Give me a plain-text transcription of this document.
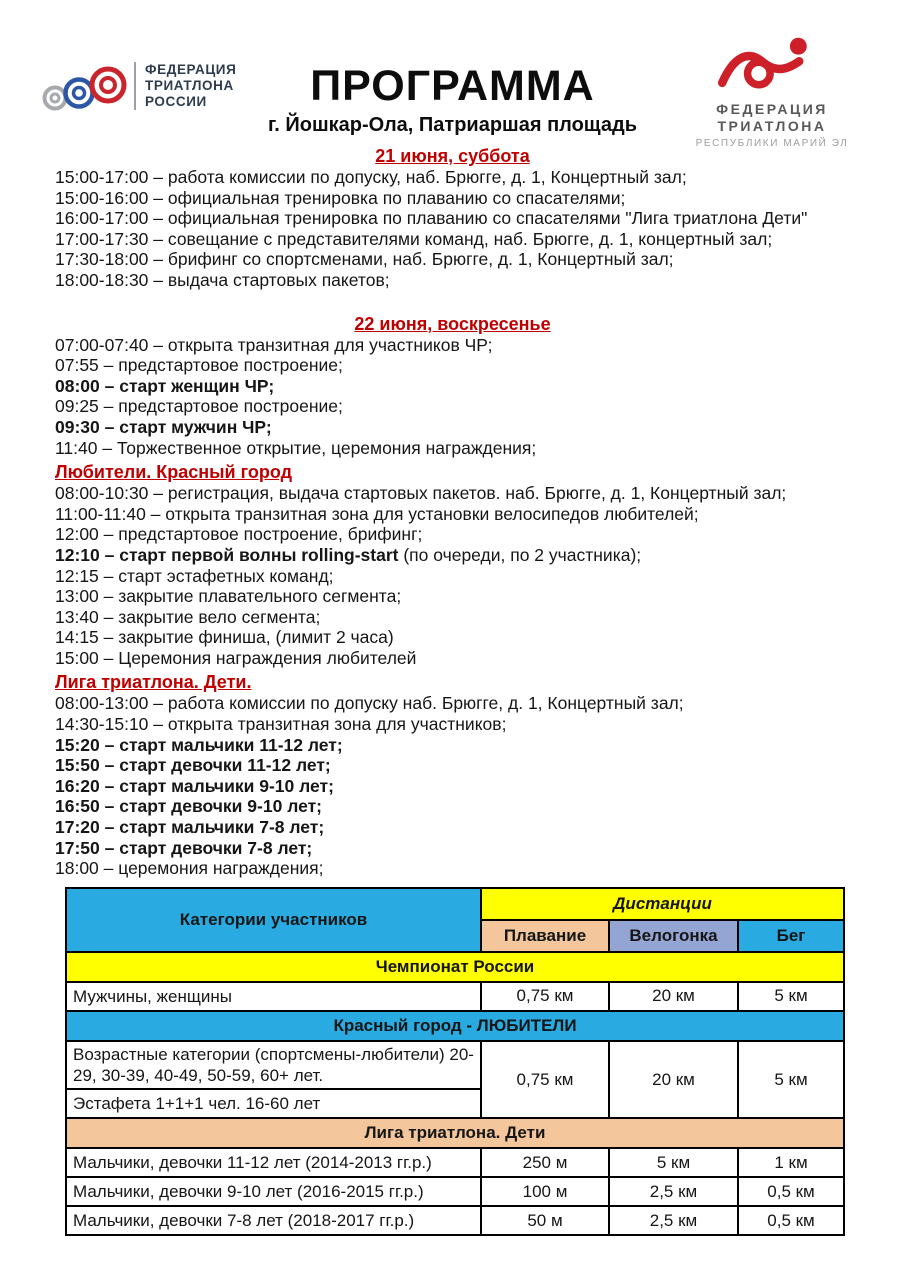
ФЕДЕРАЦИЯ
ТРИАТЛОНА
РОССИИ	ФЕДЕРАЦИЯ
ТРИАТЛОНА
РЕСПУБЛИКИ МАРИЙ ЭЛ
ПРОГРАММА
г. Йошкар-Ола, Патриаршая площадь
21 июня, суббота
15:00-17:00 – работа комиссии по допуску, наб. Брюгге, д. 1, Концертный зал;
15:00-16:00 – официальная тренировка по плаванию со спасателями;
16:00-17:00 – официальная тренировка по плаванию со спасателями "Лига триатлона Дети"
17:00-17:30 – совещание с представителями команд, наб. Брюгге, д. 1, концертный зал;
17:30-18:00 – брифинг со спортсменами, наб. Брюгге, д. 1, Концертный зал;
18:00-18:30 – выдача стартовых пакетов;
22 июня, воскресенье
07:00-07:40 – открыта транзитная для участников ЧР;
07:55 – предстартовое построение;
08:00 – старт женщин ЧР;
09:25 – предстартовое построение;
09:30 – старт мужчин ЧР;
11:40 – Торжественное открытие, церемония награждения;
Любители. Красный город
08:00-10:30 – регистрация, выдача стартовых пакетов. наб. Брюгге, д. 1, Концертный зал;
11:00-11:40 – открыта транзитная зона для установки велосипедов любителей;
12:00 – предстартовое построение, брифинг;
12:10 – старт первой волны rolling-start (по очереди, по 2 участника);
12:15 – старт эстафетных команд;
13:00 – закрытие плавательного сегмента;
13:40 – закрытие вело сегмента;
14:15 – закрытие финиша, (лимит 2 часа)
15:00 – Церемония награждения любителей
Лига триатлона. Дети.
08:00-13:00 – работа комиссии по допуску наб. Брюгге, д. 1, Концертный зал;
14:30-15:10 – открыта транзитная зона для участников;
15:20 – старт мальчики 11-12 лет;
15:50 – старт девочки 11-12 лет;
16:20 – старт мальчики 9-10 лет;
16:50 – старт девочки 9-10 лет;
17:20 – старт мальчики 7-8 лет;
17:50 – старт девочки 7-8 лет;
18:00 – церемония награждения;
Категории участников	Дистанции		
	Плавание	Велогонка	Бег
Чемпионат России			
Мужчины, женщины	0,75 км	20 км	5 км
Красный город - ЛЮБИТЕЛИ			
Возрастные категории (спортсмены-любители) 20-29, 30-39, 40-49, 50-59, 60+ лет.	0,75 км	20 км	5 км
Эстафета 1+1+1 чел. 16-60 лет			
Лига триатлона. Дети			
Мальчики, девочки 11-12 лет (2014-2013 гг.р.)	250 м	5 км	1 км
Мальчики, девочки 9-10 лет (2016-2015 гг.р.)	100 м	2,5 км	0,5 км
Мальчики, девочки 7-8 лет (2018-2017 гг.р.)	50 м	2,5 км	0,5 км
